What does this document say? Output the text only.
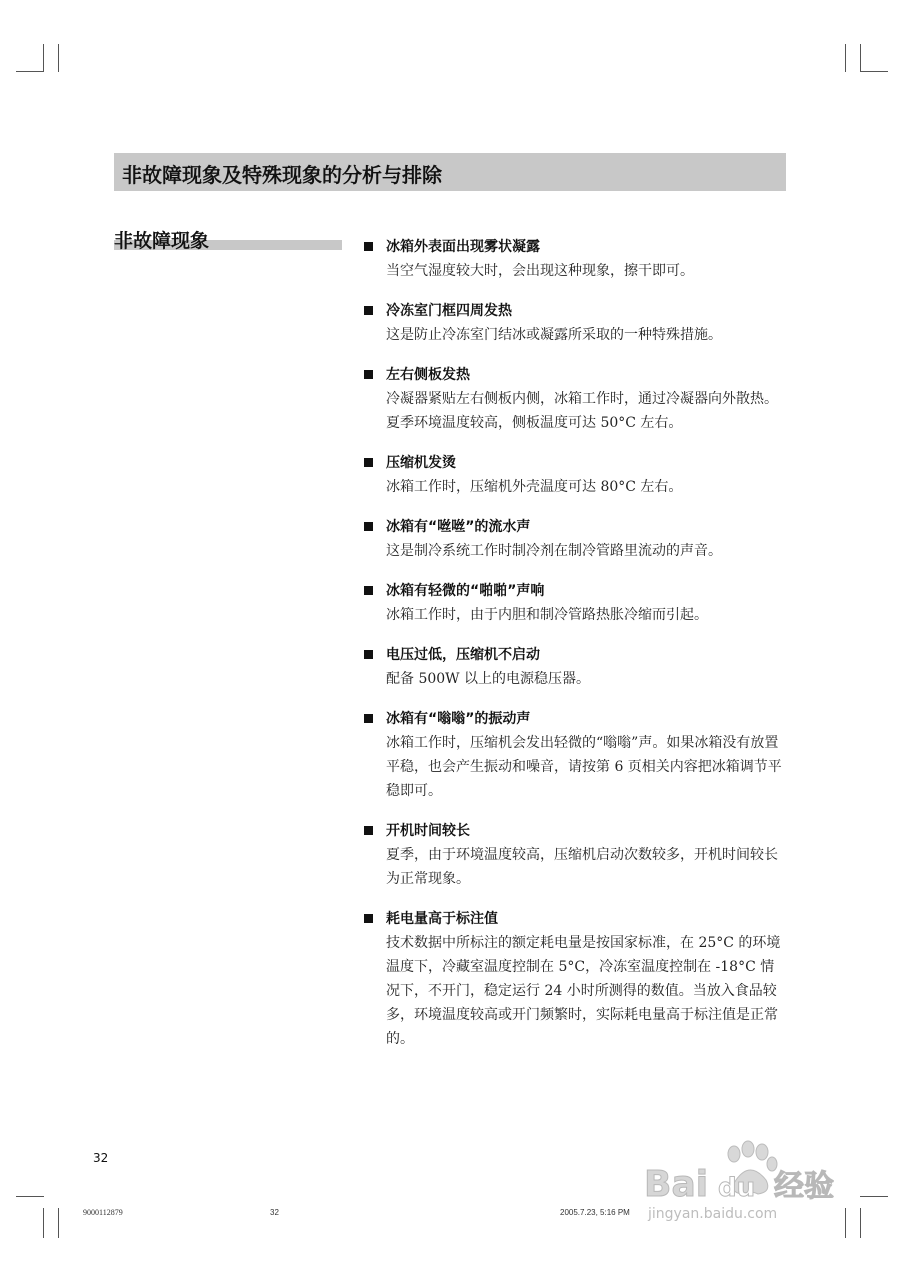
非故障现象及特殊现象的分析与排除
非故障现象	冰箱外表面出现雾状凝露
当空气湿度较大时，会出现这种现象，擦干即可。
冷冻室门框四周发热
这是防止冷冻室门结冰或凝露所采取的一种特殊措施。
左右侧板发热
冷凝器紧贴左右侧板内侧，冰箱工作时，通过冷凝器向外散热。夏季环境温度较高，侧板温度可达 50°C 左右。
压缩机发烫
冰箱工作时，压缩机外壳温度可达 80°C 左右。
冰箱有“咝咝”的流水声
这是制冷系统工作时制冷剂在制冷管路里流动的声音。
冰箱有轻微的“啪啪”声响
冰箱工作时，由于内胆和制冷管路热胀冷缩而引起。
电压过低，压缩机不启动
配备 500W 以上的电源稳压器。
冰箱有“嗡嗡”的振动声
冰箱工作时，压缩机会发出轻微的“嗡嗡”声。如果冰箱没有放置平稳，也会产生振动和噪音，请按第 6 页相关内容把冰箱调节平稳即可。
开机时间较长
夏季，由于环境温度较高，压缩机启动次数较多，开机时间较长为正常现象。
耗电量高于标注值
技术数据中所标注的额定耗电量是按国家标准，在 25°C 的环境温度下，冷藏室温度控制在 5°C，冷冻室温度控制在 -18°C 情况下，不开门，稳定运行 24 小时所测得的数值。当放入食品较多，环境温度较高或开门频繁时，实际耗电量高于标注值是正常的。
32
9000112879	32	2005.7.23, 5:16 PM
Bai du 经验
jingyan.baidu.com
